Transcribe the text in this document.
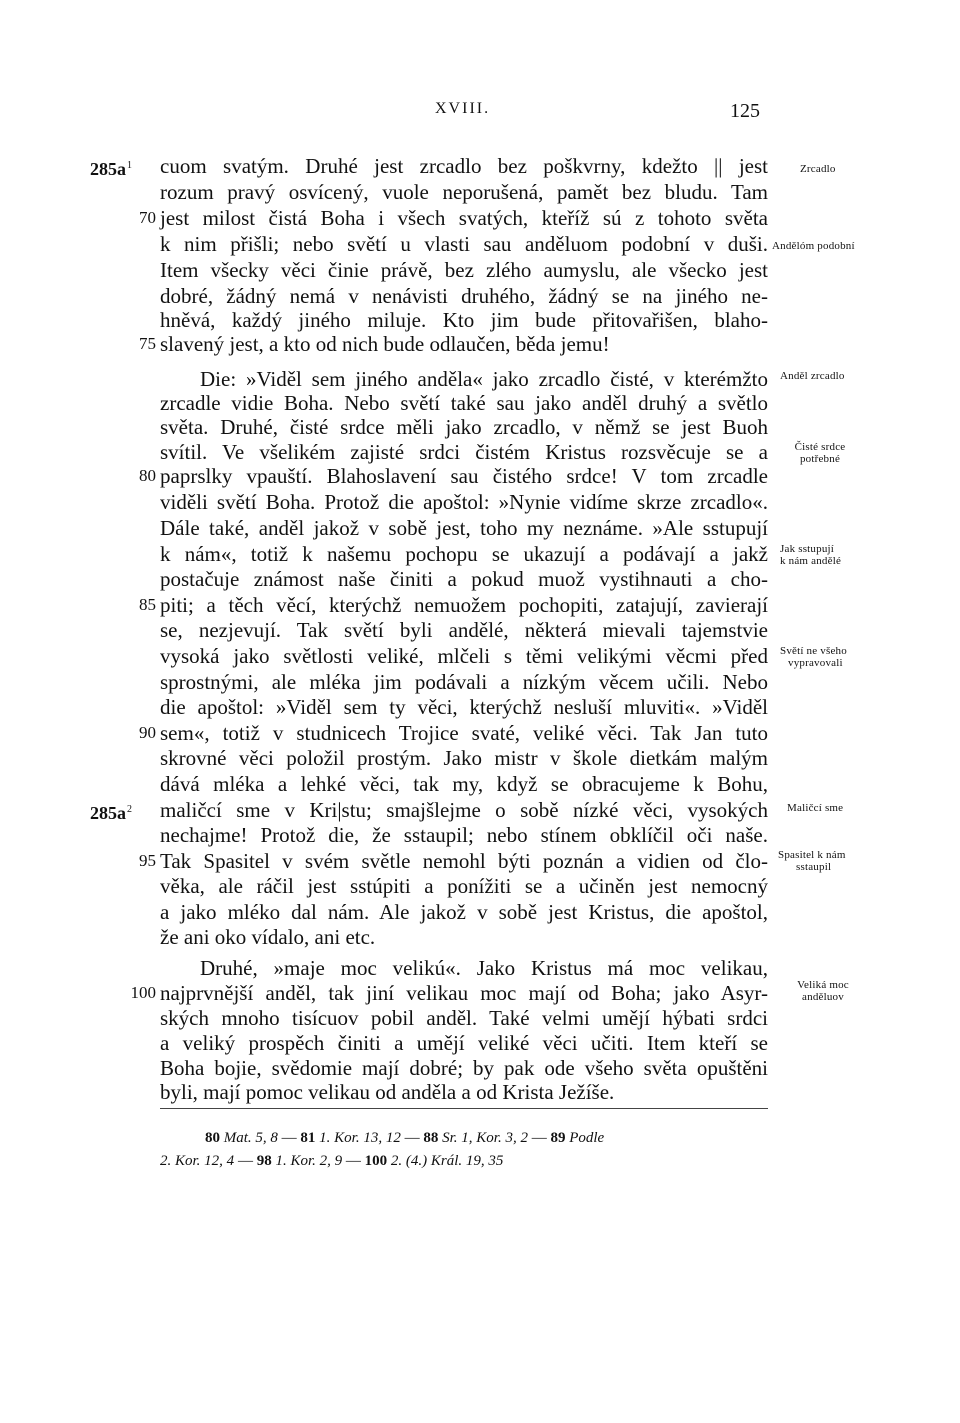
XVIII.	125
$285a^1$
$285a^2$
70
75
80
85
90
95
100
cuom svatým. Druhé jest zrcadlo bez poškvrny, kdežto || jest
rozum pravý osvícený, vuole neporušená, pamět bez bludu. Tam
jest milost čistá Boha i všech svatých, kteříž sú z tohoto světa
k nim přišli; nebo světí u vlasti sau anděluom podobní v duši.
Item všecky věci činie právě, bez zlého aumyslu, ale všecko jest
dobré, žádný nemá v nenávisti druhého, žádný se na jiného ne-
hněvá, každý jiného miluje. Kto jim bude přitovařišen, blaho-
slavený jest, a kto od nich bude odlaučen, běda jemu!
Die: »Viděl sem jiného anděla« jako zrcadlo čisté, v kterémžto
zrcadle vidie Boha. Nebo světí také sau jako anděl druhý a světlo
světa. Druhé, čisté srdce měli jako zrcadlo, v němž se jest Buoh
svítil. Ve všelikém zajisté srdci čistém Kristus rozsvěcuje se a
paprslky vpauští. Blahoslavení sau čistého srdce! V tom zrcadle
viděli světí Boha. Protož die apoštol: »Nynie vidíme skrze zrcadlo«.
Dále také, anděl jakož v sobě jest, toho my neznáme. »Ale sstupují
k nám«, totiž k našemu pochopu se ukazují a podávají a jakž
postačuje známost naše činiti a pokud muož vystihnauti a cho-
piti; a těch věcí, kterýchž nemuožem pochopiti, zatajují, zavierají
se, nezjevují. Tak světí byli andělé, některá mievali tajemstvie
vysoká jako světlosti veliké, mlčeli s těmi velikými věcmi před
sprostnými, ale mléka jim podávali a nízkým věcem učili. Nebo
die apoštol: »Viděl sem ty věci, kterýchž nesluší mluviti«. »Viděl
sem«, totiž v studnicech Trojice svaté, veliké věci. Tak Jan tuto
skrovné věci položil prostým. Jako mistr v škole dietkám malým
dává mléka a lehké věci, tak my, když se obracujeme k Bohu,
maličcí sme v Kri|stu; smajšlejme o sobě nízké věci, vysokých
nechajme! Protož die, že sstaupil; nebo stínem obklíčil oči naše.
Tak Spasitel v svém světle nemohl býti poznán a vidien od člo-
věka, ale ráčil jest sstúpiti a ponížiti se a učiněn jest nemocný
a jako mléko dal nám. Ale jakož v sobě jest Kristus, die apoštol,
že ani oko vídalo, ani etc.
Druhé, »maje moc velikú«. Jako Kristus má moc velikau,
najprvnější anděl, tak jiní velikau moc mají od Boha; jako Asyr-
ských mnoho tisícuov pobil anděl. Také velmi umějí hýbati srdci
a veliký prospěch činiti a umějí veliké věci učiti. Item kteří se
Boha bojie, svědomie mají dobré; by pak ode všeho světa opuštěni
byli, mají pomoc velikau od anděla a od Krista Ježíše.
Zrcadlo
Andělóm podobní
Anděl zrcadlo
Čisté srdce
potřebné
Jak sstupují
k nám andělé
Světí ne všeho
vypravovali
Maličcí sme
Spasitel k nám
sstaupil
Veliká moc
anděluov
80 Mat. 5, 8 — 81 1. Kor. 13, 12 — 88 Sr. 1, Kor. 3, 2 — 89 Podle
2. Kor. 12, 4 — 98 1. Kor. 2, 9 — 100 2. (4.) Král. 19, 35
